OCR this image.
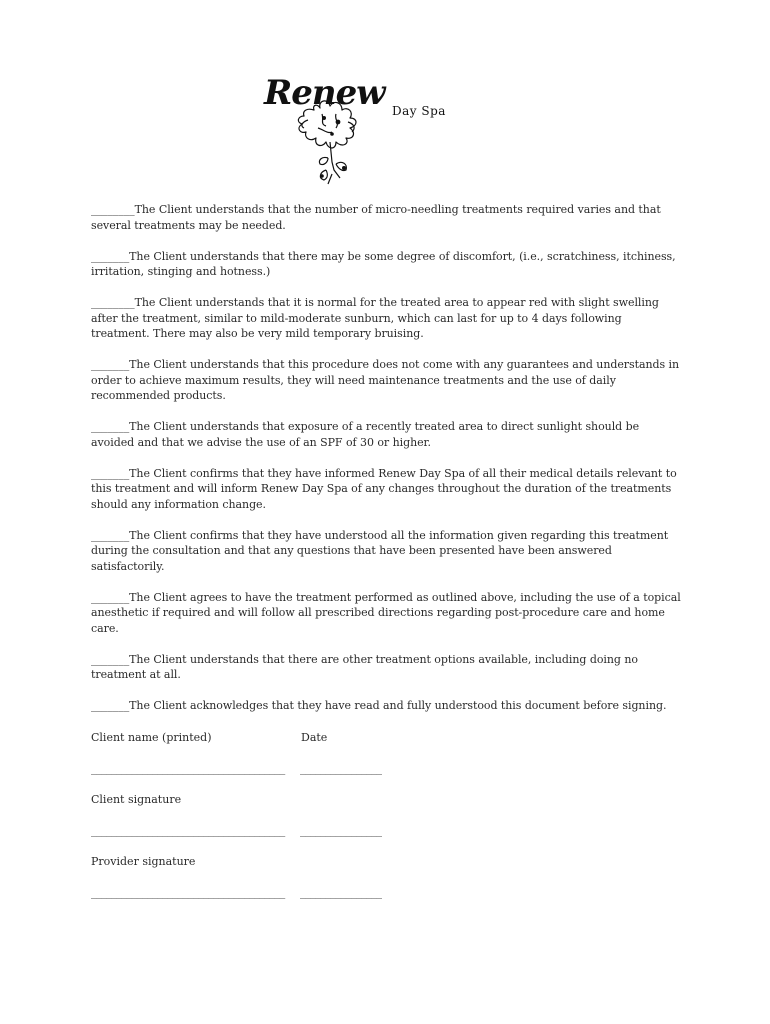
Renew Day Spa

________The Client understands that the number of micro-needling treatments required varies and that several treatments may be needed.

_______The Client understands that there may be some degree of discomfort, (i.e., scratchiness, itchiness, irritation, stinging and hotness.)

________The Client understands that it is normal for the treated area to appear red with slight swelling after the treatment, similar to mild-moderate sunburn, which can last for up to 4 days following treatment. There may also be very mild temporary bruising.

_______The Client understands that this procedure does not come with any guarantees and understands in order to achieve maximum results, they will need maintenance treatments and the use of daily recommended products.

_______The Client understands that exposure of a recently treated area to direct sunlight should be avoided and that we advise the use of an SPF of 30 or higher.

_______The Client confirms that they have informed Renew Day Spa of all their medical details relevant to this treatment and will inform Renew Day Spa of any changes throughout the duration of the treatments should any information change.

_______The Client confirms that they have understood all the information given regarding this treatment during the consultation and that any questions that have been presented have been answered satisfactorily.

_______The Client agrees to have the treatment performed as outlined above, including the use of a topical anesthetic if required and will follow all prescribed directions regarding post-procedure care and home care.

_______The Client understands that there are other treatment options available, including doing no treatment at all.

_______The Client acknowledges that they have read and fully understood this document before signing.

Client name (printed)	Date
______________________________________ ________________
Client signature
______________________________________ ________________
Provider signature
______________________________________ ________________
